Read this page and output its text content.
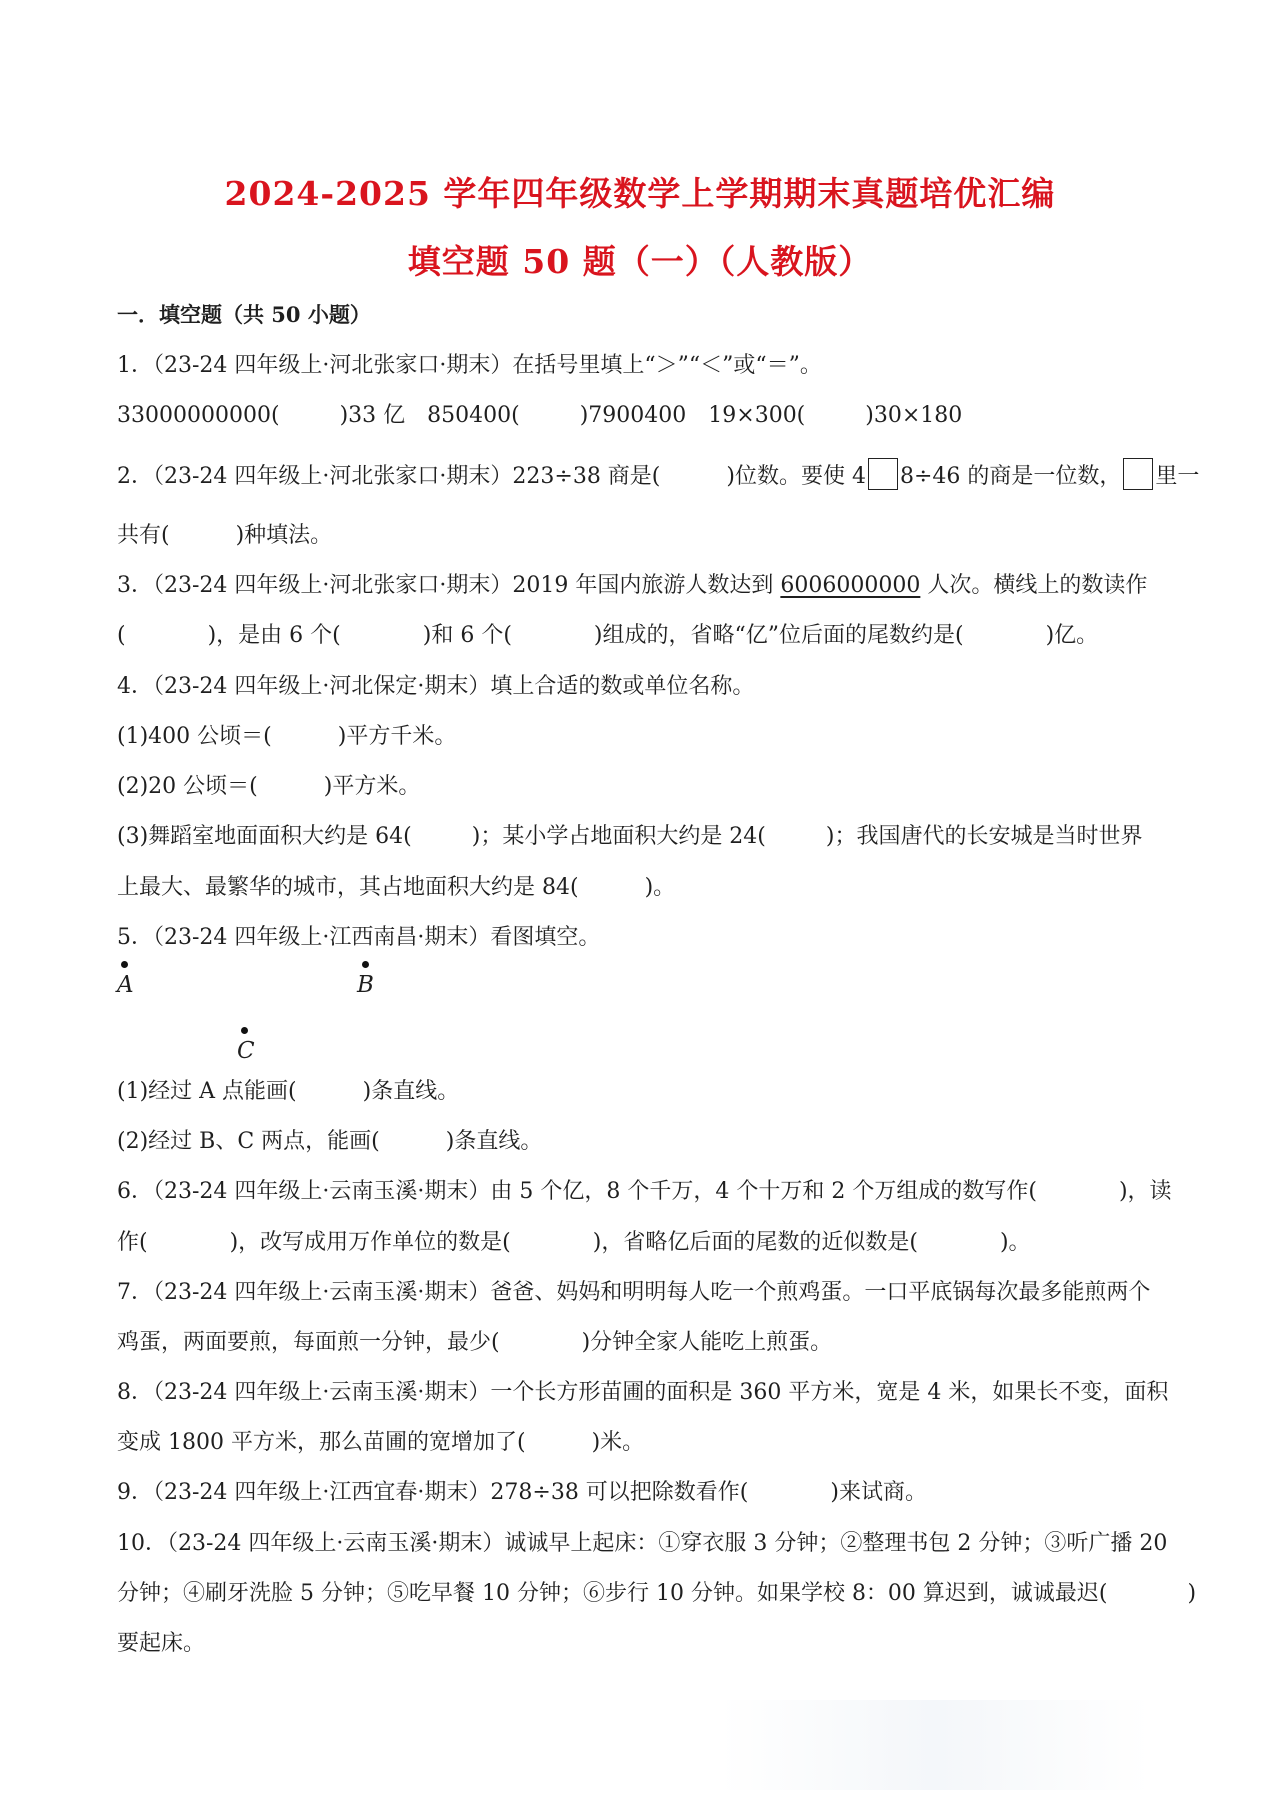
2024-2025 学年四年级数学上学期期末真题培优汇编
填空题 50 题（一）（人教版）
一．填空题（共 50 小题）
1．（23-24 四年级上·河北张家口·期末）在括号里填上“＞”“＜”或“＝”。
33000000000(	)33 亿　850400(	)7900400　19×300(	)30×180
2．（23-24 四年级上·河北张家口·期末）223÷38 商是(	)位数。要使 4 8÷46 的商是一位数， 里一
共有(	)种填法。
3．（23-24 四年级上·河北张家口·期末）2019 年国内旅游人数达到 6006000000 人次。横线上的数读作
(	)，是由 6 个(	)和 6 个(	)组成的，省略“亿”位后面的尾数约是(	)亿。
4．（23-24 四年级上·河北保定·期末）填上合适的数或单位名称。
(1)400 公顷＝(	)平方千米。
(2)20 公顷＝(	)平方米。
(3)舞蹈室地面面积大约是 64(	)；某小学占地面积大约是 24(	)；我国唐代的长安城是当时世界
上最大、最繁华的城市，其占地面积大约是 84(	)。
5．（23-24 四年级上·江西南昌·期末）看图填空。
A	B
C
(1)经过 A 点能画(	)条直线。
(2)经过 B、C 两点，能画(	)条直线。
6．（23-24 四年级上·云南玉溪·期末）由 5 个亿，8 个千万，4 个十万和 2 个万组成的数写作(	)，读
作(	)，改写成用万作单位的数是(	)，省略亿后面的尾数的近似数是(	)。
7．（23-24 四年级上·云南玉溪·期末）爸爸、妈妈和明明每人吃一个煎鸡蛋。一口平底锅每次最多能煎两个
鸡蛋，两面要煎，每面煎一分钟，最少(	)分钟全家人能吃上煎蛋。
8．（23-24 四年级上·云南玉溪·期末）一个长方形苗圃的面积是 360 平方米，宽是 4 米，如果长不变，面积
变成 1800 平方米，那么苗圃的宽增加了(	)米。
9．（23-24 四年级上·江西宜春·期末）278÷38 可以把除数看作(	)来试商。
10．（23-24 四年级上·云南玉溪·期末）诚诚早上起床：①穿衣服 3 分钟；②整理书包 2 分钟；③听广播 20
分钟；④刷牙洗脸 5 分钟；⑤吃早餐 10 分钟；⑥步行 10 分钟。如果学校 8：00 算迟到，诚诚最迟(	)
要起床。
